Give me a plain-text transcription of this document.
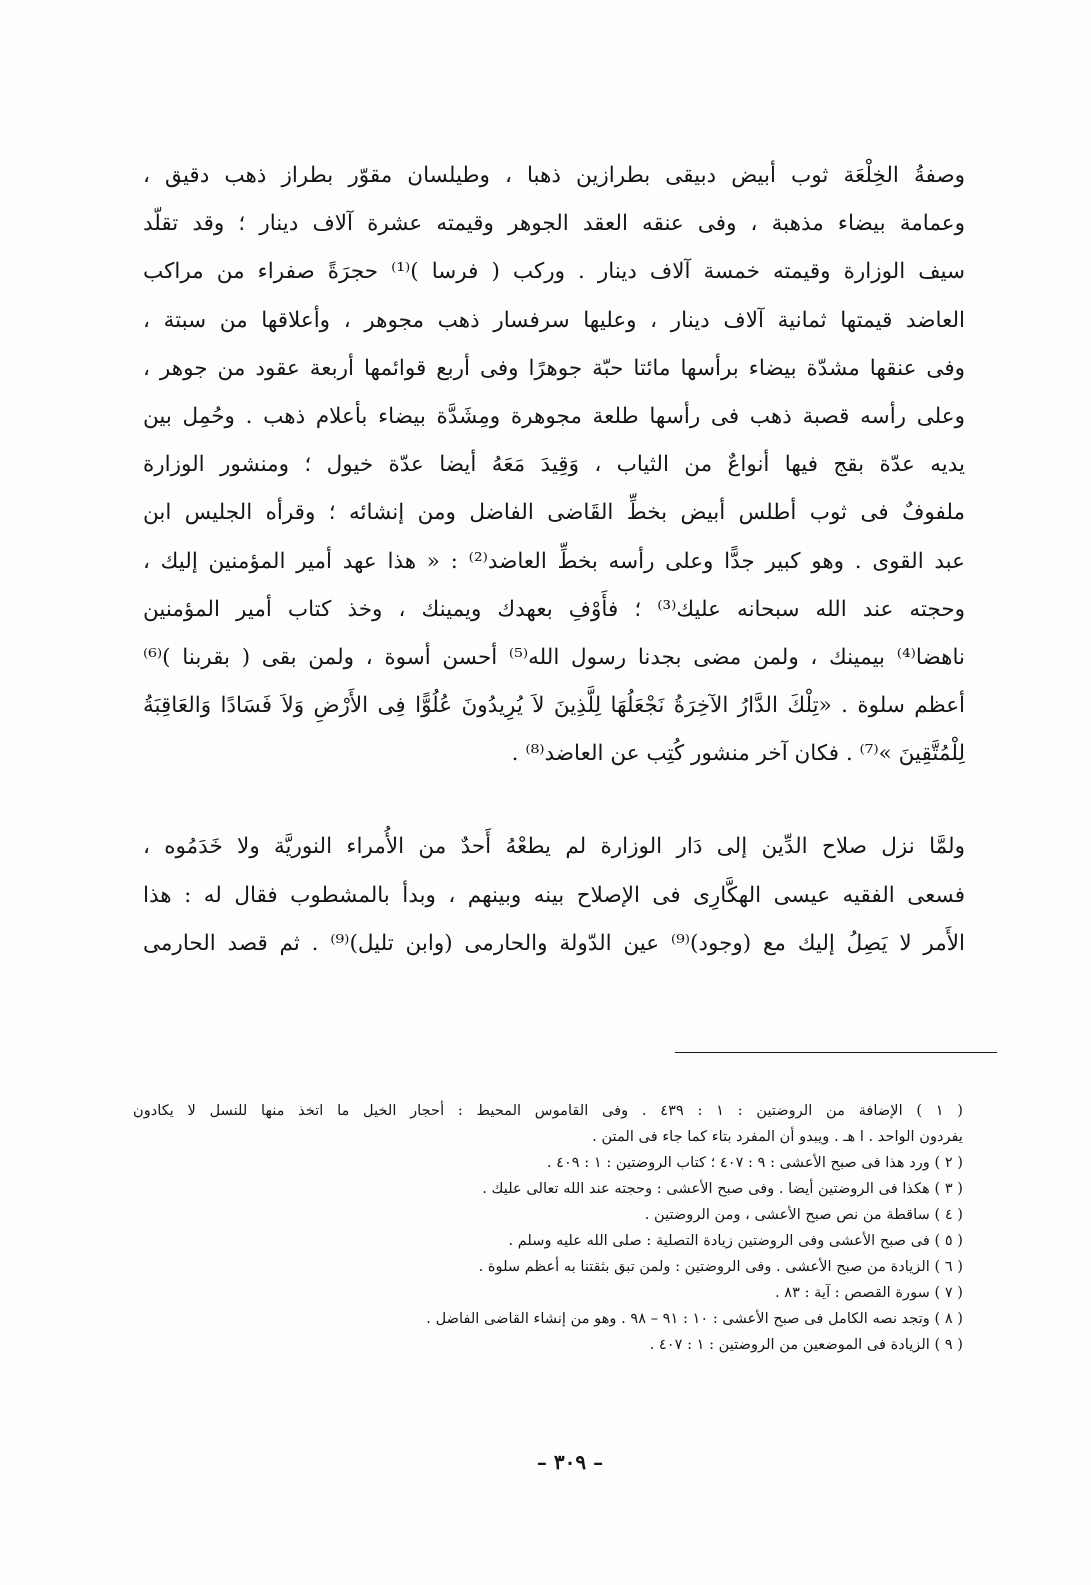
وصفةُ الخِلْعَة ثوب أبيض دبيقى بطرازين ذهبا ، وطيلسان مقوّر بطراز ذهب دقيق ،
وعمامة بيضاء مذهبة ، وفى عنقه العقد الجوهر وقيمته عشرة آلاف دينار ؛ وقد تقلّد
سيف الوزارة وقيمته خمسة آلاف دينار . وركب ( فرسا )⁽¹⁾ حجرَةً صفراء من مراكب
العاضد قيمتها ثمانية آلاف دينار ، وعليها سرفسار ذهب مجوهر ، وأعلاقها من سبتة ،
وفى عنقها مشدّة بيضاء برأسها مائتا حبّة جوهرًا وفى أربع قوائمها أربعة عقود من جوهر ،
وعلى رأسه قصبة ذهب فى رأسها طلعة مجوهرة ومِشَدَّة بيضاء بأعلام ذهب . وحُمِل بين
يديه عدّة بقج فيها أنواعٌ من الثياب ، وَقِيدَ مَعَهُ أيضا عدّة خيول ؛ ومنشور الوزارة
ملفوفٌ فى ثوب أطلس أبيض بخطِّ القَاضى الفاضل ومن إنشائه ؛ وقرأه الجليس ابن
عبد القوى . وهو كبير جدًّا وعلى رأسه بخطِّ العاضد⁽²⁾ : « هذا عهد أمير المؤمنين إليك ،
وحجته عند الله سبحانه عليك⁽³⁾ ؛ فأَوْفِ بعهدك ويمينك ، وخذ كتاب أمير المؤمنين
ناهضا⁽⁴⁾ بيمينك ، ولمن مضى بجدنا رسول الله⁽⁵⁾ أحسن أسوة ، ولمن بقى ( بقربنا )⁽⁶⁾
أعظم سلوة . «تِلْكَ الدَّارُ الآخِرَةُ نَجْعَلُهَا لِلَّذِينَ لاَ يُرِيدُونَ عُلُوًّا فِى الأَرْضِ وَلاَ فَسَادًا وَالعَاقِبَةُ
لِلْمُتَّقِينَ »⁽⁷⁾ . فكان آخر منشور كُتِب عن العاضد⁽⁸⁾ .
ولمَّا نزل صلاح الدِّين إلى دَار الوزارة لم يطعْهُ أَحدٌ من الأُمراء النوريَّة ولا خَدَمُوه ،
فسعى الفقيه عيسى الهكَّارِى فى الإصلاح بينه وبينهم ، وبدأ بالمشطوب فقال له : هذا
الأَمر لا يَصِلُ إليك مع (وجود)⁽⁹⁾ عين الدّولة والحارمى (وابن تليل)⁽⁹⁾ . ثم قصد الحارمى
( ١ ) الإضافة من الروضتين : ١ : ٤٣٩ . وفى القاموس المحيط : أحجار الخيل ما اتخذ منها للنسل لا يكادون
يفردون الواحد . ا هـ . ويبدو أن المفرد بتاء كما جاء فى المتن .
( ٢ ) ورد هذا فى صبح الأعشى : ٩ : ٤٠٧ ؛ كتاب الروضتين : ١ : ٤٠٩ .
( ٣ ) هكذا فى الروضتين أيضا . وفى صبح الأعشى : وحجته عند الله تعالى عليك .
( ٤ ) ساقطة من نص صبح الأعشى ، ومن الروضتين .
( ٥ ) فى صبح الأعشى وفى الروضتين زيادة التصلية : صلى الله عليه وسلم .
( ٦ ) الزيادة من صبح الأعشى . وفى الروضتين : ولمن تبق بثقتنا به أعظم سلوة .
( ٧ ) سورة القصص : آية : ٨٣ .
( ٨ ) وتجد نصه الكامل فى صبح الأعشى : ١٠ : ٩١ – ٩٨ . وهو من إنشاء القاضى الفاضل .
( ٩ ) الزيادة فى الموضعين من الروضتين : ١ : ٤٠٧ .
– ٣٠٩ –
